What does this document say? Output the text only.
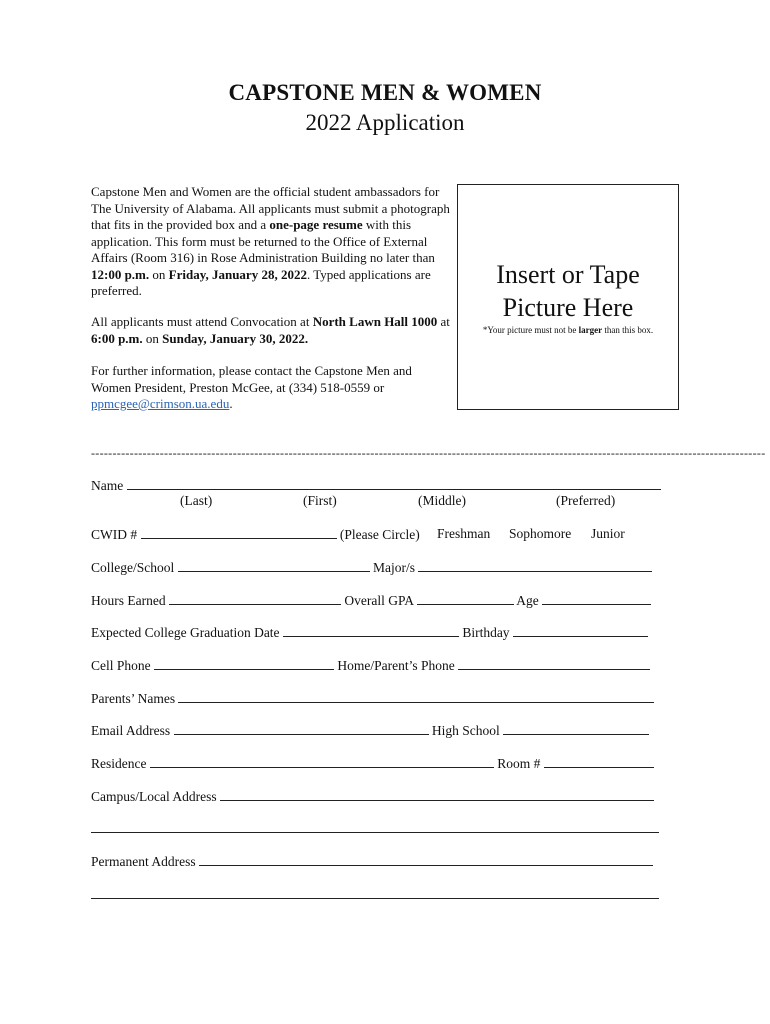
CAPSTONE MEN & WOMEN
2022 Application
Capstone Men and Women are the official student ambassadors for The University of Alabama. All applicants must submit a photograph that fits in the provided box and a one-page resume with this application. This form must be returned to the Office of External Affairs (Room 316) in Rose Administration Building no later than 12:00 p.m. on Friday, January 28, 2022. Typed applications are preferred.
All applicants must attend Convocation at North Lawn Hall 1000 at 6:00 p.m. on Sunday, January 30, 2022.
For further information, please contact the Capstone Men and Women President, Preston McGee, at (334) 518-0559 or ppmcgee@crimson.ua.edu.
Insert or Tape
Picture Here
*Your picture must not be larger than this box.
-------------------------------------------------------------------------------------------------------------------------------------------------------------
Name
(Last)	(First)	(Middle)	(Preferred)
CWID #	(Please Circle) Freshman Sophomore Junior
College/School	Major/s
Hours Earned	Overall GPA	Age
Expected College Graduation Date	Birthday
Cell Phone	Home/Parent’s Phone
Parents’ Names
Email Address	High School
Residence	Room #
Campus/Local Address
Permanent Address
